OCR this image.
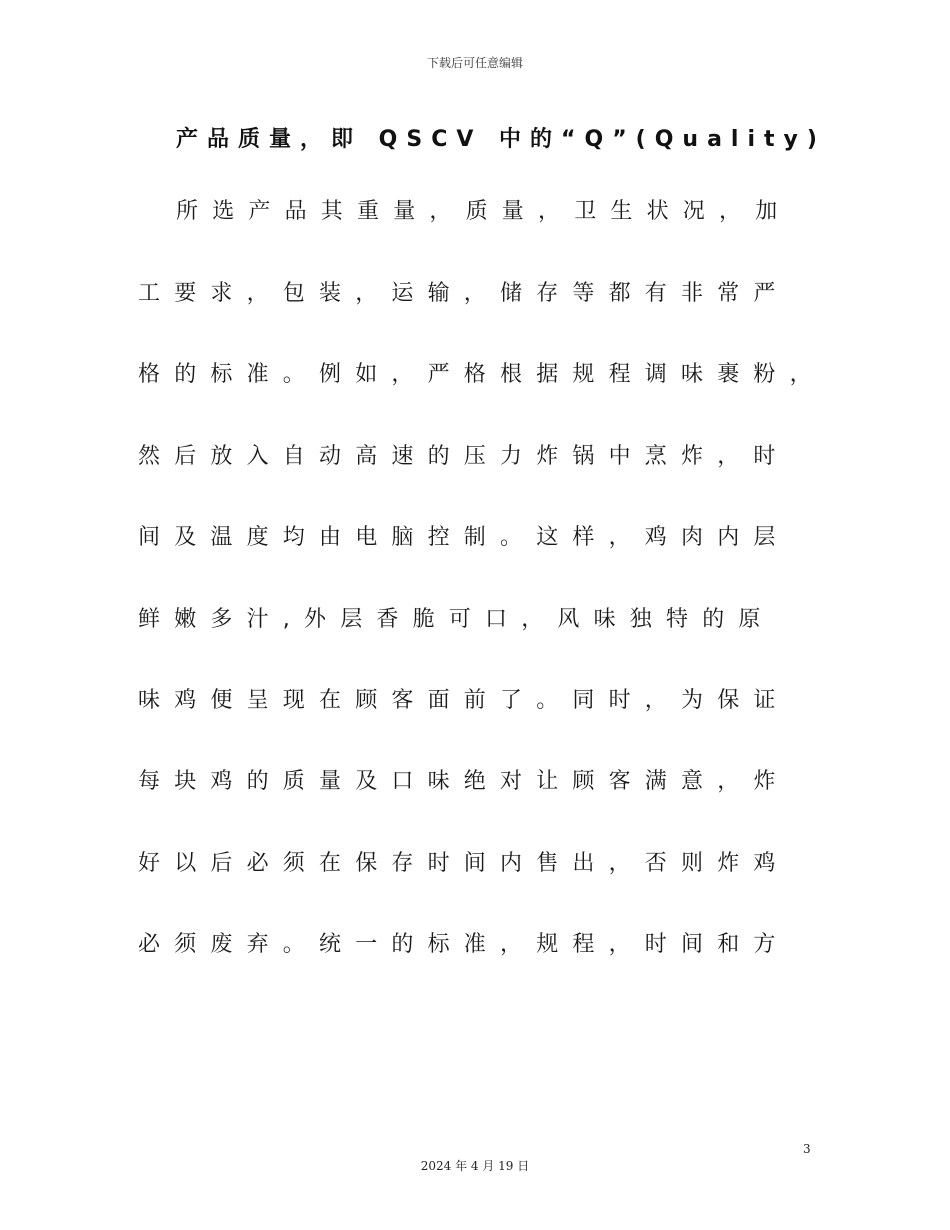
下载后可任意编辑
产品质量，即 QSCV 中的“Q”(Quality)
所选产品其重量，质量，卫生状况，加
工要求，包装，运输，储存等都有非常严
格的标准。例如，严格根据规程调味裹粉，
然后放入自动高速的压力炸锅中烹炸，时
间及温度均由电脑控制。这样，鸡肉内层
鲜嫩多汁,外层香脆可口，风味独特的原
味鸡便呈现在顾客面前了。同时，为保证
每块鸡的质量及口味绝对让顾客满意，炸
好以后必须在保存时间内售出，否则炸鸡
必须废弃。统一的标准，规程，时间和方
3
2024 年 4 月 19 日
